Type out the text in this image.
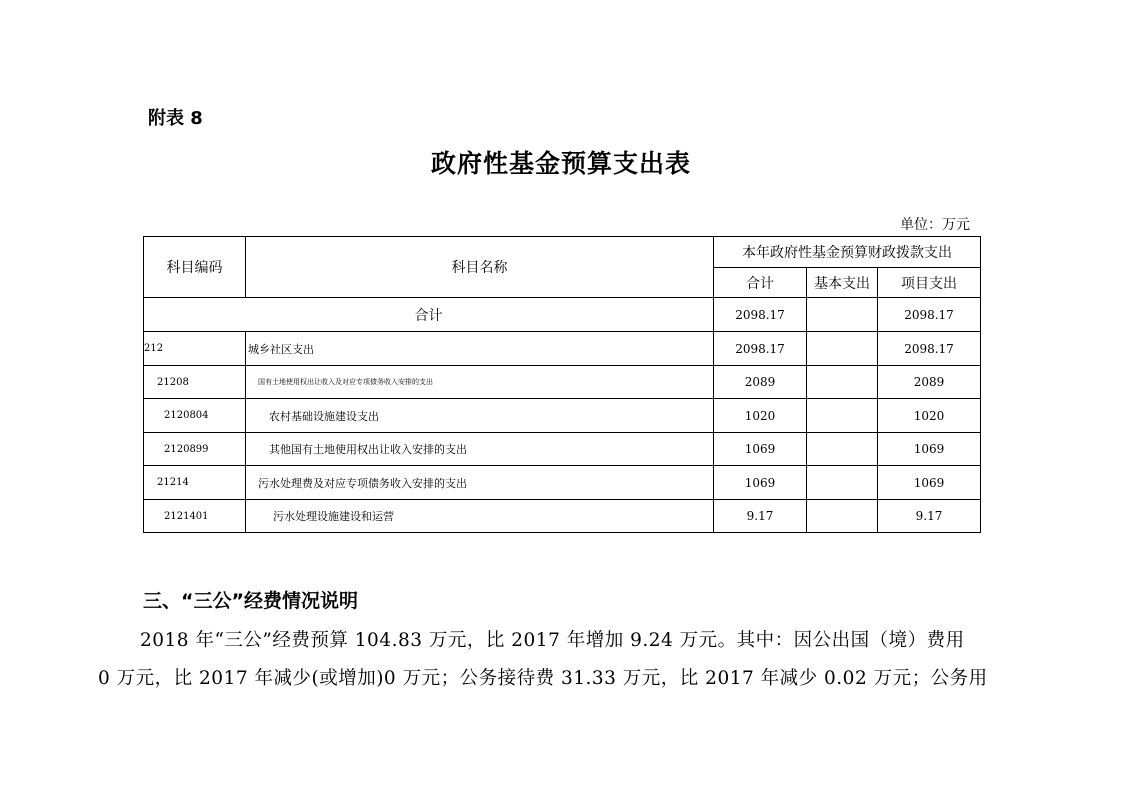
附表 8
政府性基金预算支出表
单位：万元
科目编码	科目名称	本年政府性基金预算财政拨款支出		
		合计	基本支出	项目支出
合计		2098.17		2098.17
212	城乡社区支出	2098.17		2098.17
21208	国有土地使用权出让收入及对应专项债务收入安排的支出	2089		2089
2120804	农村基础设施建设支出	1020		1020
2120899	其他国有土地使用权出让收入安排的支出	1069		1069
21214	污水处理费及对应专项债务收入安排的支出	1069		1069
2121401	污水处理设施建设和运营	9.17		9.17
三、“三公”经费情况说明
2018 年“三公”经费预算 104.83 万元，比 2017 年增加 9.24 万元。其中：因公出国（境）费用
0 万元，比 2017 年减少(或增加)0 万元；公务接待费 31.33 万元，比 2017 年减少 0.02 万元；公务用
